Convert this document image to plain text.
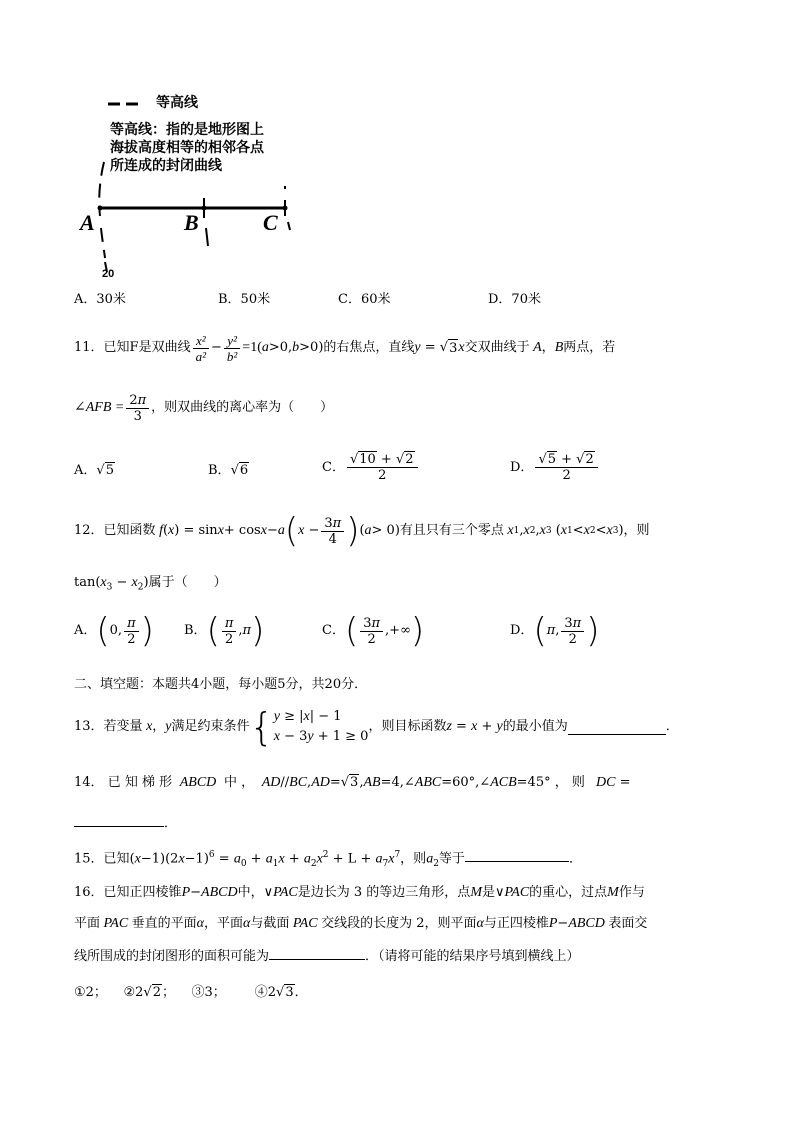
等高线
等高线：指的是地形图上
海拔高度相等的相邻各点
所连成的封闭曲线
A	B	C
20
A．30米	B．50米	C．60米	D．70米
11． 已知F是双曲线 $\frac{\text{x²}}{\text{a²}} - \frac{\text{y²}}{\text{b²}} =1$( a >0, b >0) 的右焦点，直线 y = √ 3 x 交双曲线于 A ， B 两点，若
∠AFB = $\frac{2\pi}{3}$ ，则双曲线的离心率为（　　）
A．√5	B．√6	C． $\frac{√10 + √2}{2}$	D． $\frac{√5 + √2}{2}$
12． 已知函数 f ( x ) = sin x + cos x − a ( $x - \frac{3\pi}{4}$ ) ( a > 0) 有且只有三个零点 x 1 , x 2 , x 3 ( x 1 < x 2 < x 3 ) ，则
$\tan(x_3 - x_2)$属于（　　）
A． ( 0, $\frac{\pi}{2}$ ) B． ( $\frac{\pi}{2}$ , π )	C． ( $\frac{3\pi}{2}$ ,+∞ )	D． ( π , $\frac{3\pi}{2}$ )
二、填空题：本题共4小题，每小题5分，共20分．
13． 若变量 x ， y 满足约束条件 { y ≥ |x| − 1
x − 3y + 1 ≥ 0
，则目标函数 z = x + y 的最小值为	．
14． 已 知 梯 形  ABCD  中 ，  AD//BC,AD=√3,AB=4,∠ABC=60°,∠ACB=45° ， 则   DC =
．
15．已知$(x-1)(2x-1)^6 = a_0 + a_1x + a_2x^2 + L + a_7x^7$，则$a_2$等于	．
16．已知正四棱锥P−ABCD中，∨PAC是边长为 3 的等边三角形，点M是∨PAC的重心，过点M作与
平面 PAC 垂直的平面α，平面α与截面 PAC 交线段的长度为 2，则平面α与正四棱椎P−ABCD 表面交
线所围成的封闭图形的面积可能为	．（请将可能的结果序号填到横线上）
①2； ②2√2； ③3； ④2√3．
